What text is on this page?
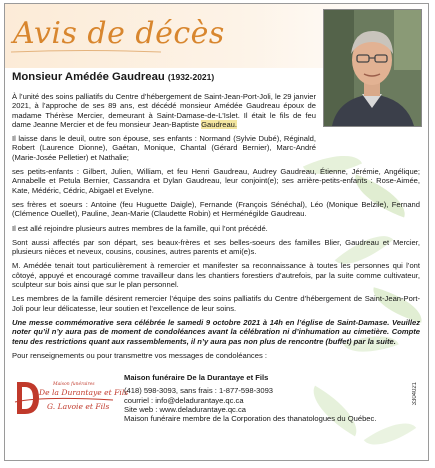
Avis de décès
Monsieur Amédée Gaudreau (1932-2021)

À l’unité des soins palliatifs du Centre d’hébergement de Saint-Jean-Port-Joli, le 29 janvier 2021, à l’approche de ses 89 ans, est décédé monsieur Amédée Gaudreau époux de madame Thérèse Mercier, demeurant à Saint-Damase-de-L’Islet. Il était le fils de feu dame Jeanne Mercier et de feu monsieur Jean-Baptiste Gaudreau.

Il laisse dans le deuil, outre son épouse, ses enfants : Normand (Sylvie Dubé), Réginald, Robert (Laurence Dionne), Gaétan, Monique, Chantal (Gérard Bernier), Marc-André (Marie-Josée Pelletier) et Nathalie;

ses petits-enfants : Gilbert, Julien, William, et feu Henri Gaudreau, Audrey Gaudreau, Étienne, Jérémie, Angélique; Annabelle et Petula Bernier, Cassandra et Dylan Gaudreau, leur conjoint(e); ses arrière-petits-enfants : Rose-Aimée, Kate, Médéric, Cédric, Abigaël et Evelyne.

ses frères et soeurs : Antoine (feu Huguette Daigle), Fernande (François Sénéchal), Léo (Monique Belzile), Fernand (Clémence Ouellet), Pauline, Jean-Marie (Claudette Robin) et Herménégilde Gaudreau.

Il est allé rejoindre plusieurs autres membres de la famille, qui l’ont précédé.

Sont aussi affectés par son départ, ses beaux-frères et ses belles-soeurs des familles Blier, Gaudreau et Mercier, plusieurs nièces et neveux, cousins, cousines, autres parents et ami(e)s.

M. Amédée tenait tout particulièrement à remercier et manifester sa reconnaissance à toutes les personnes qui l’ont côtoyé, appuyé et encouragé comme travailleur dans les chantiers forestiers d’autrefois, par la suite comme cultivateur, sculpteur sur bois ainsi que sur le plan personnel.

Les membres de la famille désirent remercier l’équipe des soins palliatifs du Centre d’hébergement de Saint-Jean-Port-Joli pour leur délicatesse, leur soutien et l’excellence de leur soins.

Une messe commémorative sera célébrée le samedi 9 octobre 2021 à 14h en l’église de Saint-Damase. Veuillez noter qu’il n’y aura pas de moment de condoléances avant la célébration ni d’inhumation au cimetière. Compte tenu des restrictions quant aux rassemblements, il n’y aura pas non plus de rencontre (buffet) par la suite.

Pour renseignements ou pour transmettre vos messages de condoléances :

Maison funéraires
De la Durantaye et Fils
G. Lavoie et Fils
Maison funéraire De la Durantaye et Fils
(418) 598-3093, sans frais : 1-877-598-3093
courriel : info@deladurantaye.qc.ca
Site web : www.deladurantaye.qc.ca
Maison funéraire membre de la Corporation des thanatologues du Québec.
3304021
